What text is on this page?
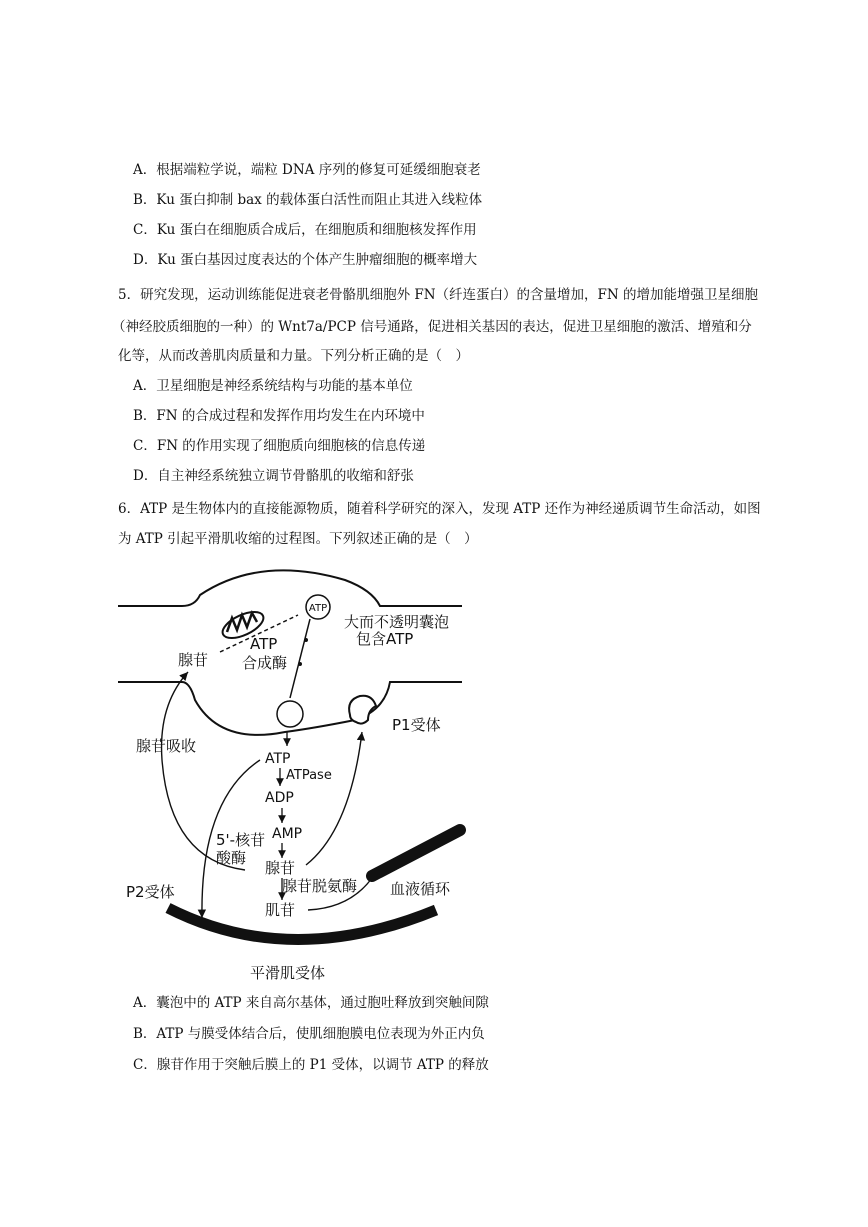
A．根据端粒学说，端粒 DNA 序列的修复可延缓细胞衰老
B．Ku 蛋白抑制 bax 的载体蛋白活性而阻止其进入线粒体
C．Ku 蛋白在细胞质合成后，在细胞质和细胞核发挥作用
D．Ku 蛋白基因过度表达的个体产生肿瘤细胞的概率增大
5．研究发现，运动训练能促进衰老骨骼肌细胞外 FN（纤连蛋白）的含量增加，FN 的增加能增强卫星细胞
（神经胶质细胞的一种）的 Wnt7a/PCP 信号通路，促进相关基因的表达，促进卫星细胞的激活、增殖和分
化等，从而改善肌肉质量和力量。下列分析正确的是（　）
A．卫星细胞是神经系统结构与功能的基本单位
B．FN 的合成过程和发挥作用均发生在内环境中
C．FN 的作用实现了细胞质向细胞核的信息传递
D．自主神经系统独立调节骨骼肌的收缩和舒张
6．ATP 是生物体内的直接能源物质，随着科学研究的深入，发现 ATP 还作为神经递质调节生命活动，如图
为 ATP 引起平滑肌收缩的过程图。下列叙述正确的是（　）
ATP
大而不透明囊泡
包含ATP
ATP
合成酶
腺苷
P1受体
腺苷吸收
ATP
ATPase
ADP
AMP
5'-核苷
酸酶
腺苷
腺苷脱氨酶
肌苷
血液循环
P2受体
平滑肌受体
A．囊泡中的 ATP 来自高尔基体，通过胞吐释放到突触间隙
B．ATP 与膜受体结合后，使肌细胞膜电位表现为外正内负
C．腺苷作用于突触后膜上的 P1 受体，以调节 ATP 的释放
